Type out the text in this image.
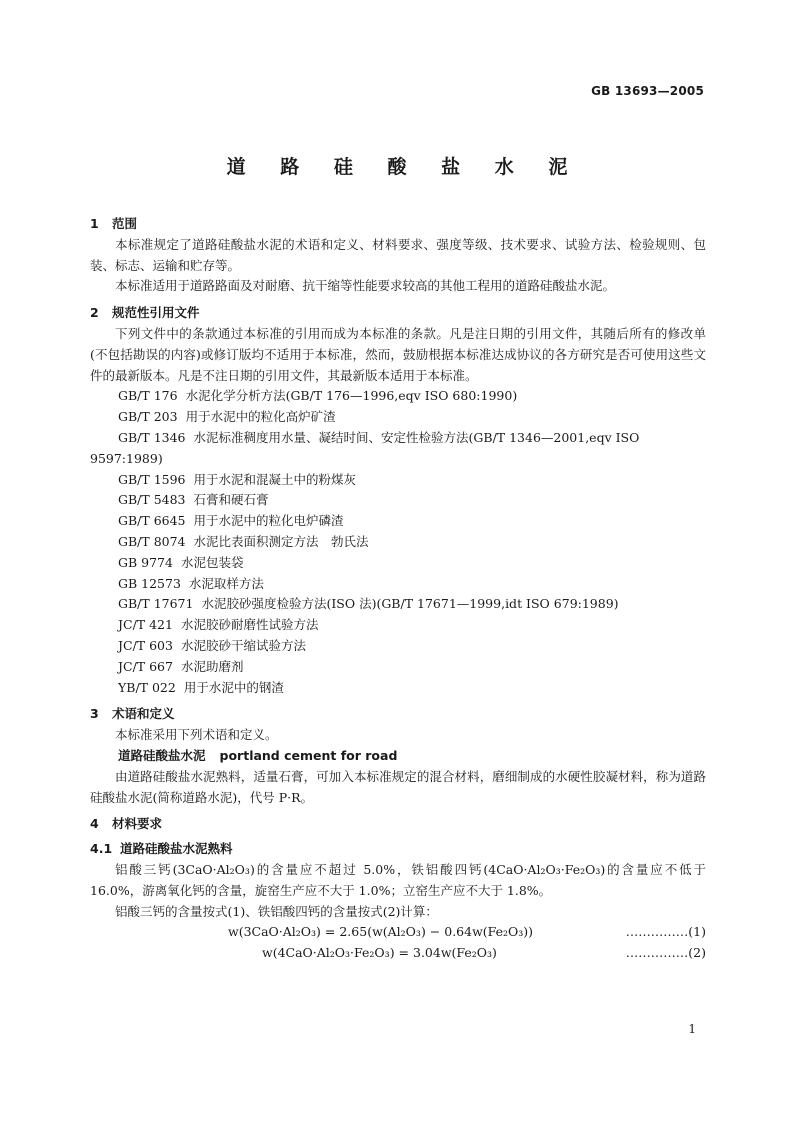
GB 13693—2005
道 路 硅 酸 盐 水 泥
1 范围

本标准规定了道路硅酸盐水泥的术语和定义、材料要求、强度等级、技术要求、试验方法、检验规则、包装、标志、运输和贮存等。

本标准适用于道路路面及对耐磨、抗干缩等性能要求较高的其他工程用的道路硅酸盐水泥。

2 规范性引用文件

下列文件中的条款通过本标准的引用而成为本标准的条款。凡是注日期的引用文件，其随后所有的修改单(不包括勘误的内容)或修订版均不适用于本标准，然而，鼓励根据本标准达成协议的各方研究是否可使用这些文件的最新版本。凡是不注日期的引用文件，其最新版本适用于本标准。

GB/T 176 水泥化学分析方法(GB/T 176—1996,eqv ISO 680:1990)

GB/T 203 用于水泥中的粒化高炉矿渣

GB/T 1346 水泥标准稠度用水量、凝结时间、安定性检验方法(GB/T 1346—2001,eqv ISO 9597:1989)

GB/T 1596 用于水泥和混凝土中的粉煤灰

GB/T 5483 石膏和硬石膏

GB/T 6645 用于水泥中的粒化电炉磷渣

GB/T 8074 水泥比表面积测定方法　勃氏法

GB 9774 水泥包装袋

GB 12573 水泥取样方法

GB/T 17671 水泥胶砂强度检验方法(ISO 法)(GB/T 17671—1999,idt ISO 679:1989)

JC/T 421 水泥胶砂耐磨性试验方法

JC/T 603 水泥胶砂干缩试验方法

JC/T 667 水泥助磨剂

YB/T 022 用于水泥中的钢渣

3 术语和定义

本标准采用下列术语和定义。

道路硅酸盐水泥 portland cement for road

由道路硅酸盐水泥熟料，适量石膏，可加入本标准规定的混合材料，磨细制成的水硬性胶凝材料，称为道路硅酸盐水泥(简称道路水泥)，代号 P·R。

4 材料要求
4.1 道路硅酸盐水泥熟料

铝酸三钙(3CaO·Al₂O₃)的含量应不超过 5.0%，铁铝酸四钙(4CaO·Al₂O₃·Fe₂O₃)的含量应不低于 16.0%，游离氧化钙的含量，旋窑生产应不大于 1.0%；立窑生产应不大于 1.8%。

铝酸三钙的含量按式(1)、铁铝酸四钙的含量按式(2)计算：

w(3CaO·Al₂O₃) = 2.65(w(Al₂O₃) − 0.64w(Fe₂O₃))	……………(1)
w(4CaO·Al₂O₃·Fe₂O₃) = 3.04w(Fe₂O₃)	……………(2)
1
